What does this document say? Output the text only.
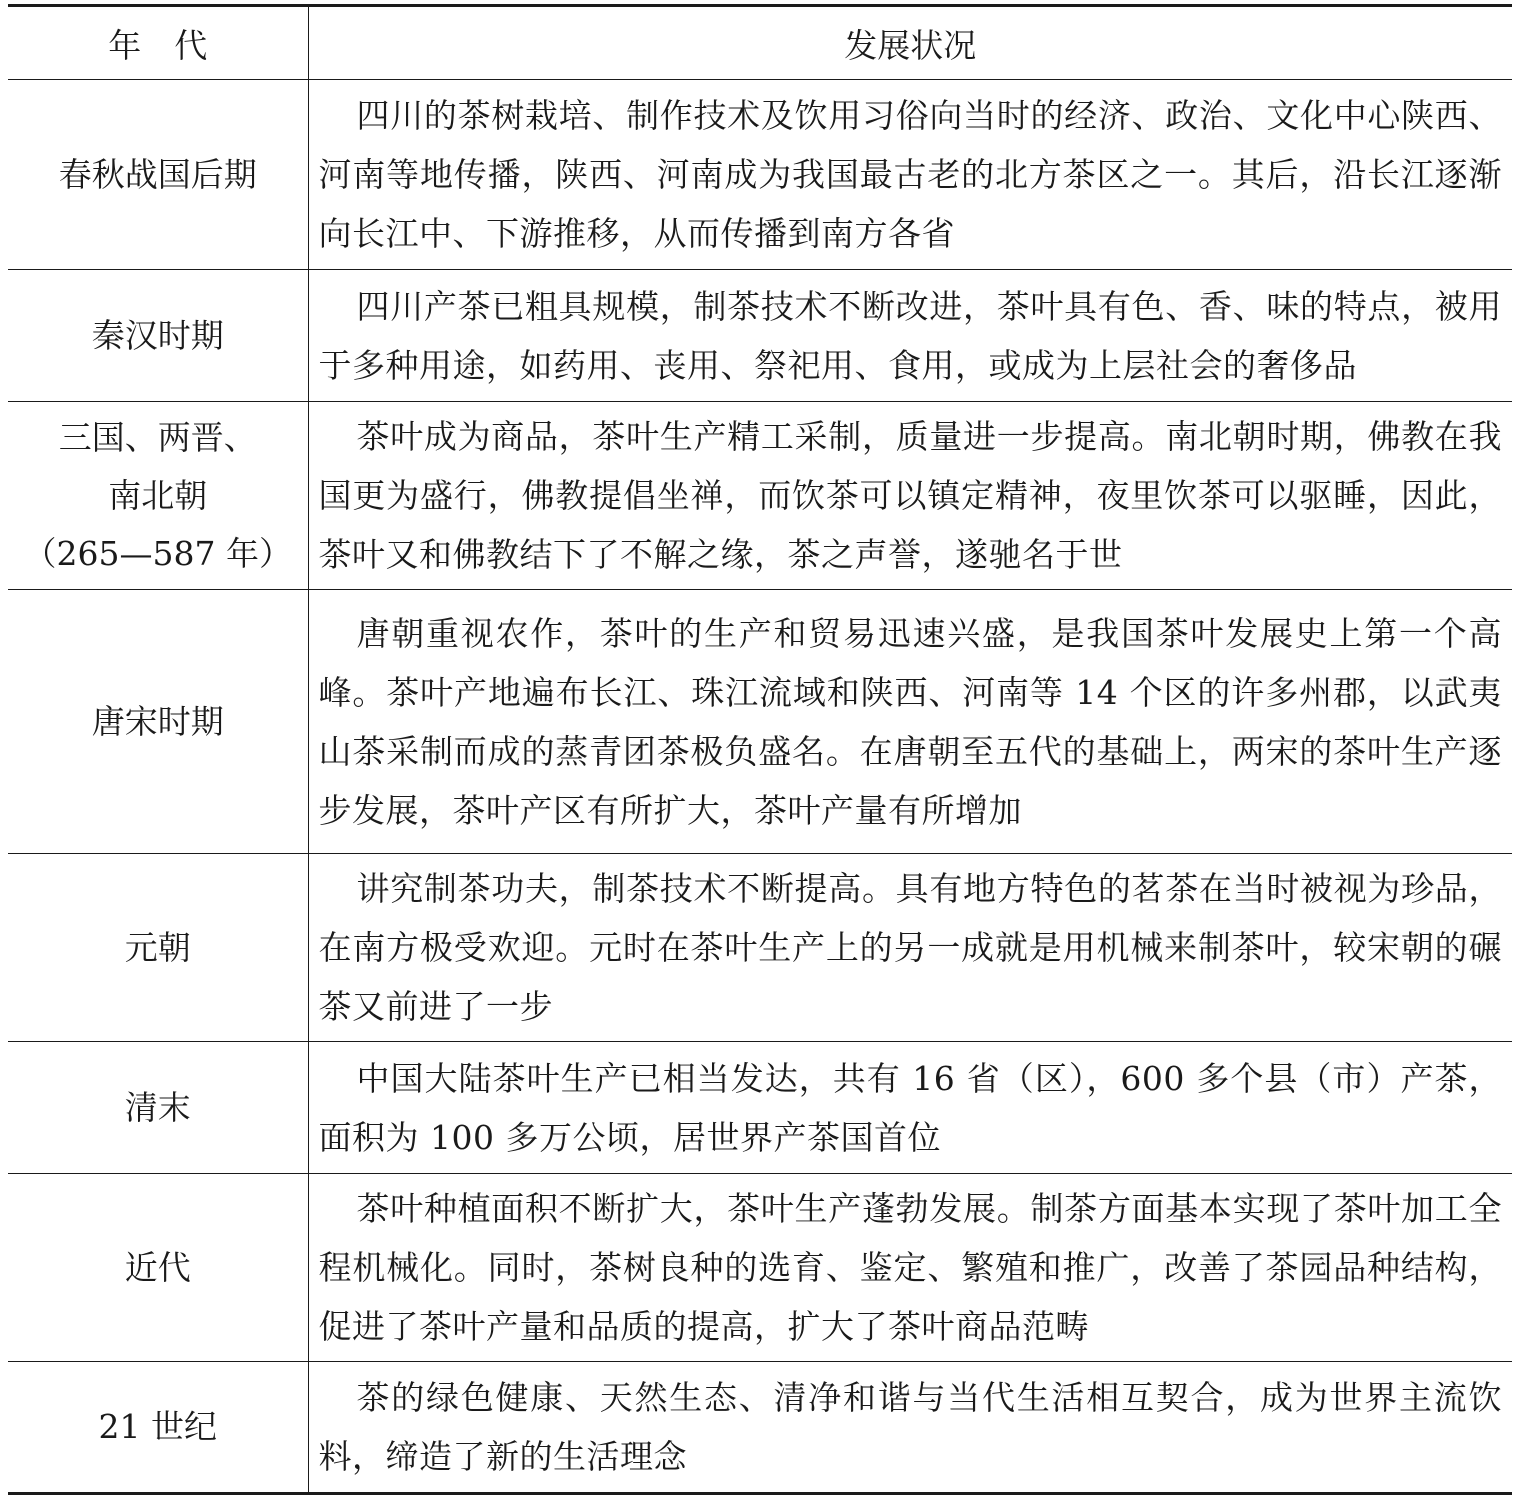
年　代	发展状况

春秋战国后期	四川的茶树栽培、制作技术及饮用习俗向当时的经济、政治、文化中心陕西、河南等地传播，陕西、河南成为我国最古老的北方茶区之一。其后，沿长江逐渐向长江中、下游推移，从而传播到南方各省

秦汉时期	四川产茶已粗具规模，制茶技术不断改进，茶叶具有色、香、味的特点，被用于多种用途，如药用、丧用、祭祀用、食用，或成为上层社会的奢侈品

三国、两晋、
南北朝
（265—587 年）	茶叶成为商品，茶叶生产精工采制，质量进一步提高。南北朝时期，佛教在我国更为盛行，佛教提倡坐禅，而饮茶可以镇定精神，夜里饮茶可以驱睡，因此，茶叶又和佛教结下了不解之缘，茶之声誉，遂驰名于世

唐宋时期	唐朝重视农作，茶叶的生产和贸易迅速兴盛，是我国茶叶发展史上第一个高峰。茶叶产地遍布长江、珠江流域和陕西、河南等 14 个区的许多州郡，以武夷山茶采制而成的蒸青团茶极负盛名。在唐朝至五代的基础上，两宋的茶叶生产逐步发展，茶叶产区有所扩大，茶叶产量有所增加

元朝	讲究制茶功夫，制茶技术不断提高。具有地方特色的茗茶在当时被视为珍品，在南方极受欢迎。元时在茶叶生产上的另一成就是用机械来制茶叶，较宋朝的碾茶又前进了一步

清末	中国大陆茶叶生产已相当发达，共有 16 省（区），600 多个县（市）产茶，面积为 100 多万公顷，居世界产茶国首位

近代	茶叶种植面积不断扩大，茶叶生产蓬勃发展。制茶方面基本实现了茶叶加工全程机械化。同时，茶树良种的选育、鉴定、繁殖和推广，改善了茶园品种结构，促进了茶叶产量和品质的提高，扩大了茶叶商品范畴

21 世纪	茶的绿色健康、天然生态、清净和谐与当代生活相互契合，成为世界主流饮料，缔造了新的生活理念
